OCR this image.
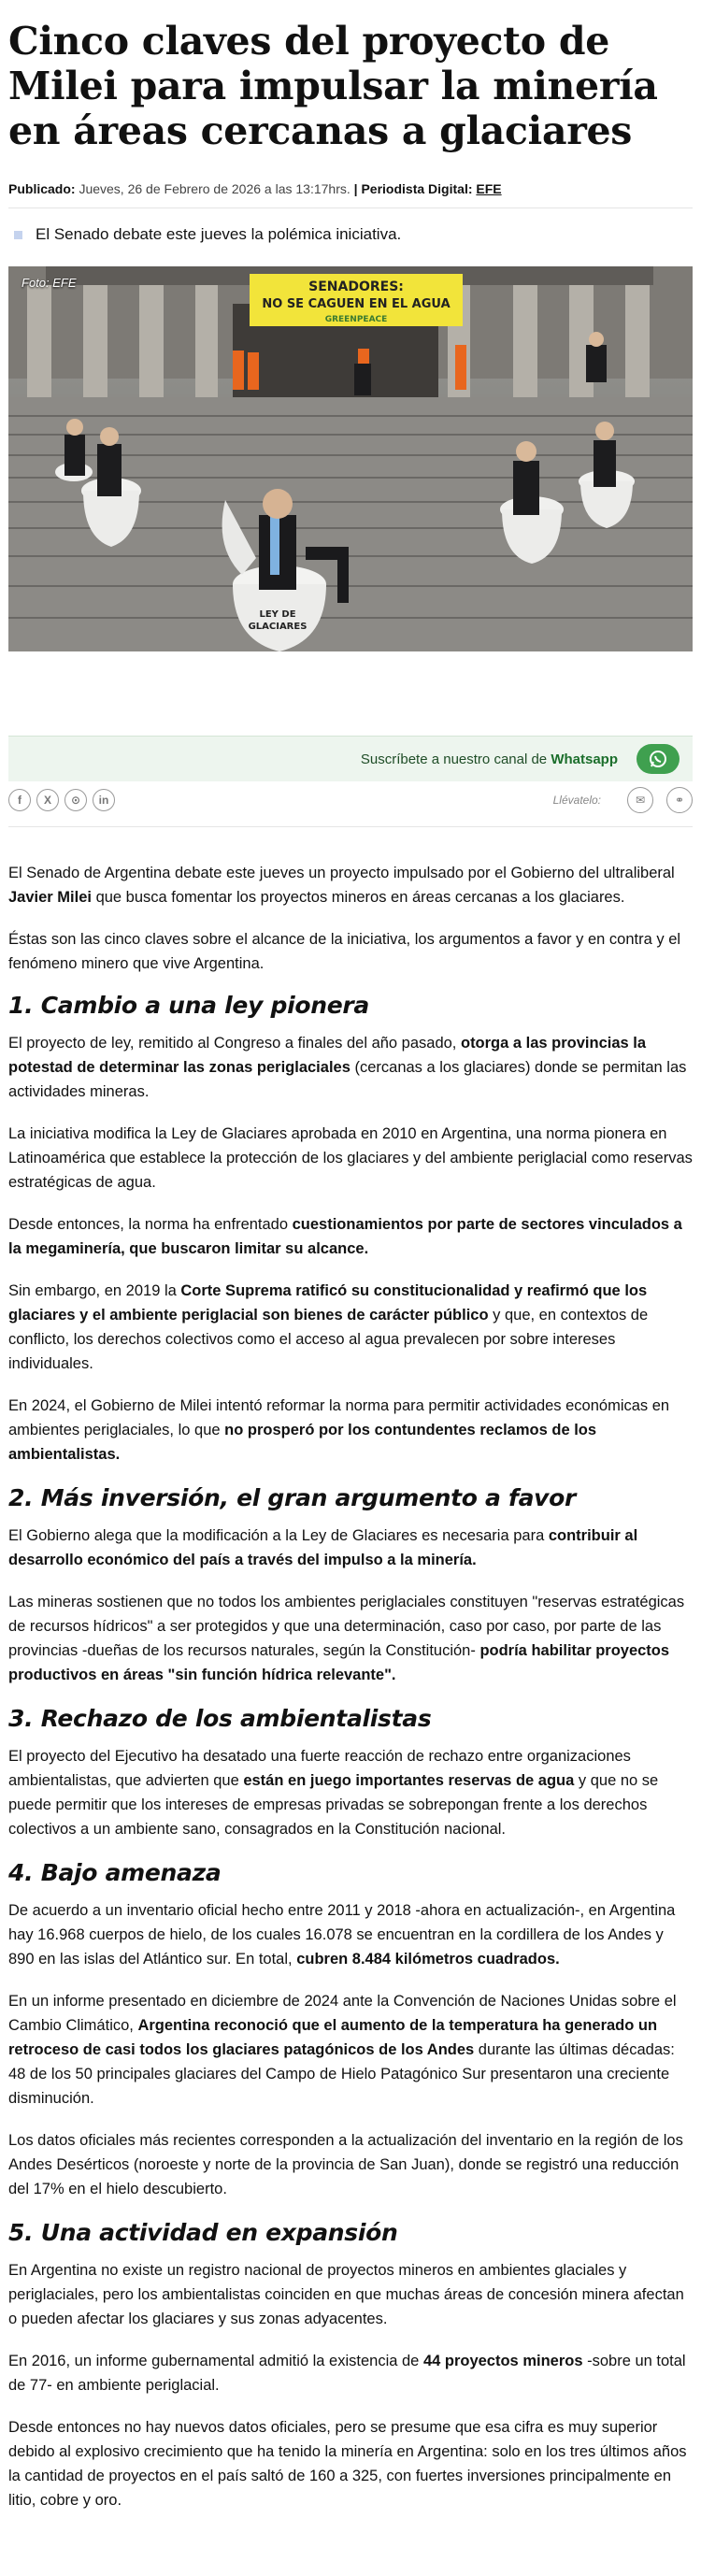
Cinco claves del proyecto de Milei para impulsar la minería en áreas cercanas a glaciares
Publicado: Jueves, 26 de Febrero de 2026 a las 13:17hrs. | Periodista Digital: EFE
El Senado debate este jueves la polémica iniciativa.
SENADORES:
NO SE CAGUEN EN EL AGUA
GREENPEACE
LEY DE
GLACIARES
Foto: EFE
Suscríbete a nuestro canal de Whatsapp
f	X	⊙	in	Llévatelo:	✉	⚭

El Senado de Argentina debate este jueves un proyecto impulsado por el Gobierno del ultraliberal Javier Milei que busca fomentar los proyectos mineros en áreas cercanas a los glaciares.

Éstas son las cinco claves sobre el alcance de la iniciativa, los argumentos a favor y en contra y el fenómeno minero que vive Argentina.

1. Cambio a una ley pionera

El proyecto de ley, remitido al Congreso a finales del año pasado, otorga a las provincias la potestad de determinar las zonas periglaciales (cercanas a los glaciares) donde se permitan las actividades mineras.

La iniciativa modifica la Ley de Glaciares aprobada en 2010 en Argentina, una norma pionera en Latinoamérica que establece la protección de los glaciares y del ambiente periglacial como reservas estratégicas de agua.

Desde entonces, la norma ha enfrentado cuestionamientos por parte de sectores vinculados a la megaminería, que buscaron limitar su alcance.

Sin embargo, en 2019 la Corte Suprema ratificó su constitucionalidad y reafirmó que los glaciares y el ambiente periglacial son bienes de carácter público y que, en contextos de conflicto, los derechos colectivos como el acceso al agua prevalecen por sobre intereses individuales.

En 2024, el Gobierno de Milei intentó reformar la norma para permitir actividades económicas en ambientes periglaciales, lo que no prosperó por los contundentes reclamos de los ambientalistas.

2. Más inversión, el gran argumento a favor

El Gobierno alega que la modificación a la Ley de Glaciares es necesaria para contribuir al desarrollo económico del país a través del impulso a la minería.

Las mineras sostienen que no todos los ambientes periglaciales constituyen "reservas estratégicas de recursos hídricos" a ser protegidos y que una determinación, caso por caso, por parte de las provincias -dueñas de los recursos naturales, según la Constitución- podría habilitar proyectos productivos en áreas "sin función hídrica relevante".

3. Rechazo de los ambientalistas

El proyecto del Ejecutivo ha desatado una fuerte reacción de rechazo entre organizaciones ambientalistas, que advierten que están en juego importantes reservas de agua y que no se puede permitir que los intereses de empresas privadas se sobrepongan frente a los derechos colectivos a un ambiente sano, consagrados en la Constitución nacional.

4. Bajo amenaza

De acuerdo a un inventario oficial hecho entre 2011 y 2018 -ahora en actualización-, en Argentina hay 16.968 cuerpos de hielo, de los cuales 16.078 se encuentran en la cordillera de los Andes y 890 en las islas del Atlántico sur. En total, cubren 8.484 kilómetros cuadrados.

En un informe presentado en diciembre de 2024 ante la Convención de Naciones Unidas sobre el Cambio Climático, Argentina reconoció que el aumento de la temperatura ha generado un retroceso de casi todos los glaciares patagónicos de los Andes durante las últimas décadas: 48 de los 50 principales glaciares del Campo de Hielo Patagónico Sur presentaron una creciente disminución.

Los datos oficiales más recientes corresponden a la actualización del inventario en la región de los Andes Desérticos (noroeste y norte de la provincia de San Juan), donde se registró una reducción del 17% en el hielo descubierto.

5. Una actividad en expansión

En Argentina no existe un registro nacional de proyectos mineros en ambientes glaciales y periglaciales, pero los ambientalistas coinciden en que muchas áreas de concesión minera afectan o pueden afectar los glaciares y sus zonas adyacentes.

En 2016, un informe gubernamental admitió la existencia de 44 proyectos mineros -sobre un total de 77- en ambiente periglacial.

Desde entonces no hay nuevos datos oficiales, pero se presume que esa cifra es muy superior debido al explosivo crecimiento que ha tenido la minería en Argentina: solo en los tres últimos años la cantidad de proyectos en el país saltó de 160 a 325, con fuertes inversiones principalmente en litio, cobre y oro.
